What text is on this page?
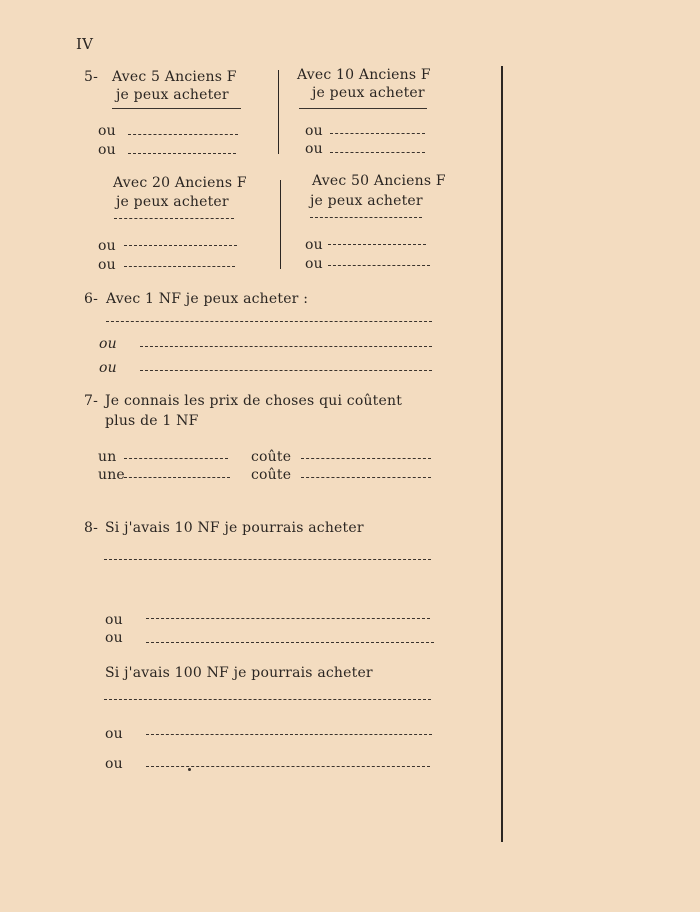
IV
5- Avec 5 Anciens F
je peux acheter
ou
ou
Avec 10 Anciens F
je peux acheter
ou
ou
Avec 20 Anciens F
je peux acheter
ou
ou
Avec 50 Anciens F
je peux acheter
ou
ou
6- Avec 1 NF je peux acheter :
ou
ou
7- Je connais les prix de choses qui coûtent
plus de 1 NF
un	coûte
une	coûte
8- Si j'avais 10 NF je pourrais acheter
ou
ou
Si j'avais 100 NF je pourrais acheter
ou
ou
